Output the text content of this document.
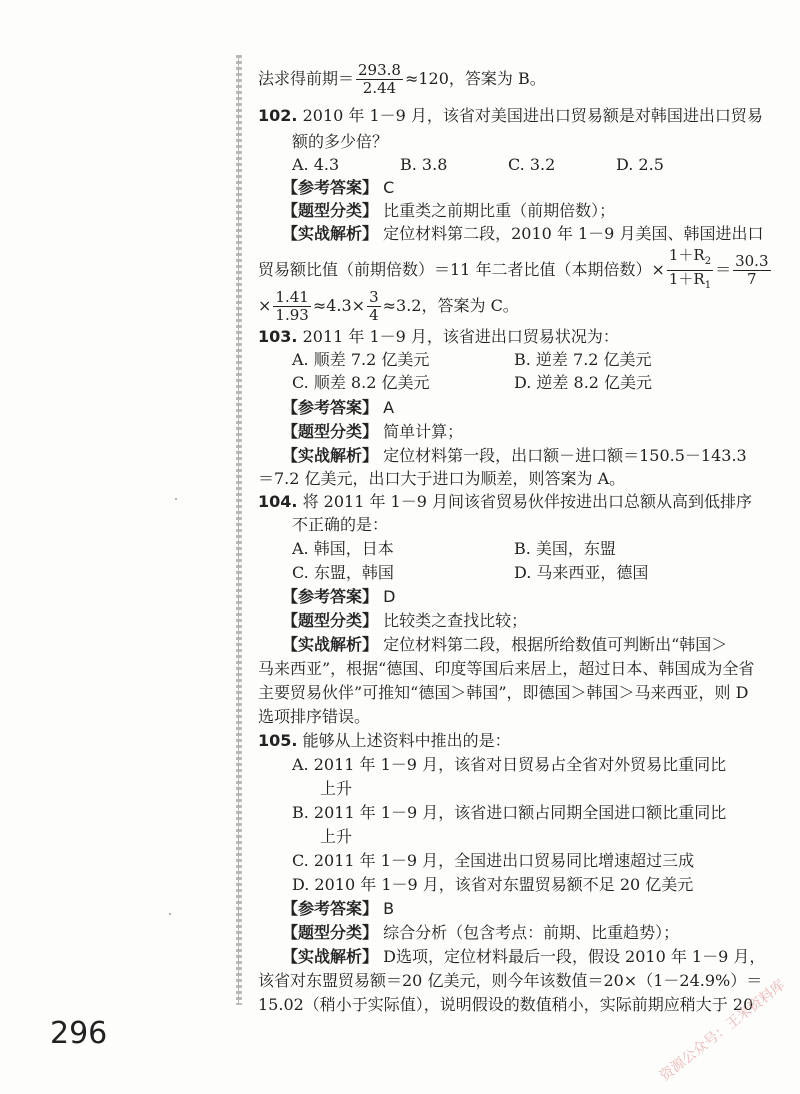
法求得前期＝ $\frac{293.8}{2.44} \approx 120$，答案为 B。
102. 2010 年 1－9 月，该省对美国进出口贸易额是对韩国进出口贸易
额的多少倍？
A. 4.3	B. 3.8	C. 3.2	D. 2.5
【参考答案】 C
【题型分类】 比重类之前期比重（前期倍数）；
【实战解析】 定位材料第二段，2010 年 1－9 月美国、韩国进出口
贸易额比值（前期倍数）＝11 年二者比值（本期倍数）× $\frac{1+R_2}{1+R_1} = \frac{30.3}{7}$
× $\frac{1.41}{1.93} \approx 4.3\times \frac{3}{4} \approx 3.2$，答案为 C。
103. 2011 年 1－9 月，该省进出口贸易状况为：
A. 顺差 7.2 亿美元	B. 逆差 7.2 亿美元
C. 顺差 8.2 亿美元	D. 逆差 8.2 亿美元
【参考答案】 A
【题型分类】 简单计算；
【实战解析】 定位材料第一段，出口额－进口额＝150.5－143.3
＝7.2 亿美元，出口大于进口为顺差，则答案为 A。
104. 将 2011 年 1－9 月间该省贸易伙伴按进出口总额从高到低排序
不正确的是：
A. 韩国，日本	B. 美国，东盟
C. 东盟，韩国	D. 马来西亚，德国
【参考答案】 D
【题型分类】 比较类之查找比较；
【实战解析】 定位材料第二段，根据所给数值可判断出“韩国＞
马来西亚”，根据“德国、印度等国后来居上，超过日本、韩国成为全省
主要贸易伙伴”可推知“德国＞韩国”，即德国＞韩国＞马来西亚，则 D
选项排序错误。
105. 能够从上述资料中推出的是：
A. 2011 年 1－9 月，该省对日贸易占全省对外贸易比重同比
上升
B. 2011 年 1－9 月，该省进口额占同期全国进口额比重同比
上升
C. 2011 年 1－9 月，全国进出口贸易同比增速超过三成
D. 2010 年 1－9 月，该省对东盟贸易额不足 20 亿美元
【参考答案】 B
【题型分类】 综合分析（包含考点：前期、比重趋势）；
【实战解析】 D选项，定位材料最后一段，假设 2010 年 1－9 月，
该省对东盟贸易额＝20 亿美元，则今年该数值＝20×（1－24.9%）＝
15.02（稍小于实际值），说明假设的数值稍小，实际前期应稍大于 20
296	资源公众号：王米资料库
